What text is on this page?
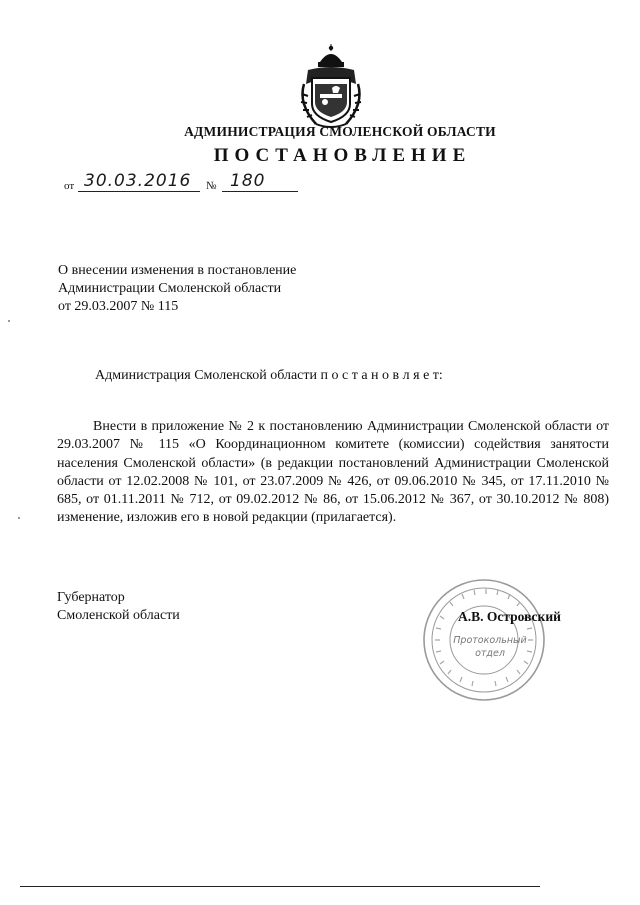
АДМИНИСТРАЦИЯ СМОЛЕНСКОЙ ОБЛАСТИ
ПОСТАНОВЛЕНИЕ
от 30.03.2016 № 180
О внесении изменения в постановление
Администрации Смоленской области
от 29.03.2007 № 115
Администрация Смоленской области п о с т а н о в л я е т:
Внести в приложение № 2 к постановлению Администрации Смоленской области от 29.03.2007 № 115 «О Координационном комитете (комиссии) содействия занятости населения Смоленской области» (в редакции постановлений Администрации Смоленской области от 12.02.2008 № 101, от 23.07.2009 № 426, от 09.06.2010 № 345, от 17.11.2010 № 685, от 01.11.2011 № 712, от 09.02.2012 № 86, от 15.06.2012 № 367, от 30.10.2012 № 808) изменение, изложив его в новой редакции (прилагается).
Губернатор
Смоленской области
Протокольный
отдел
А.В. Островский
